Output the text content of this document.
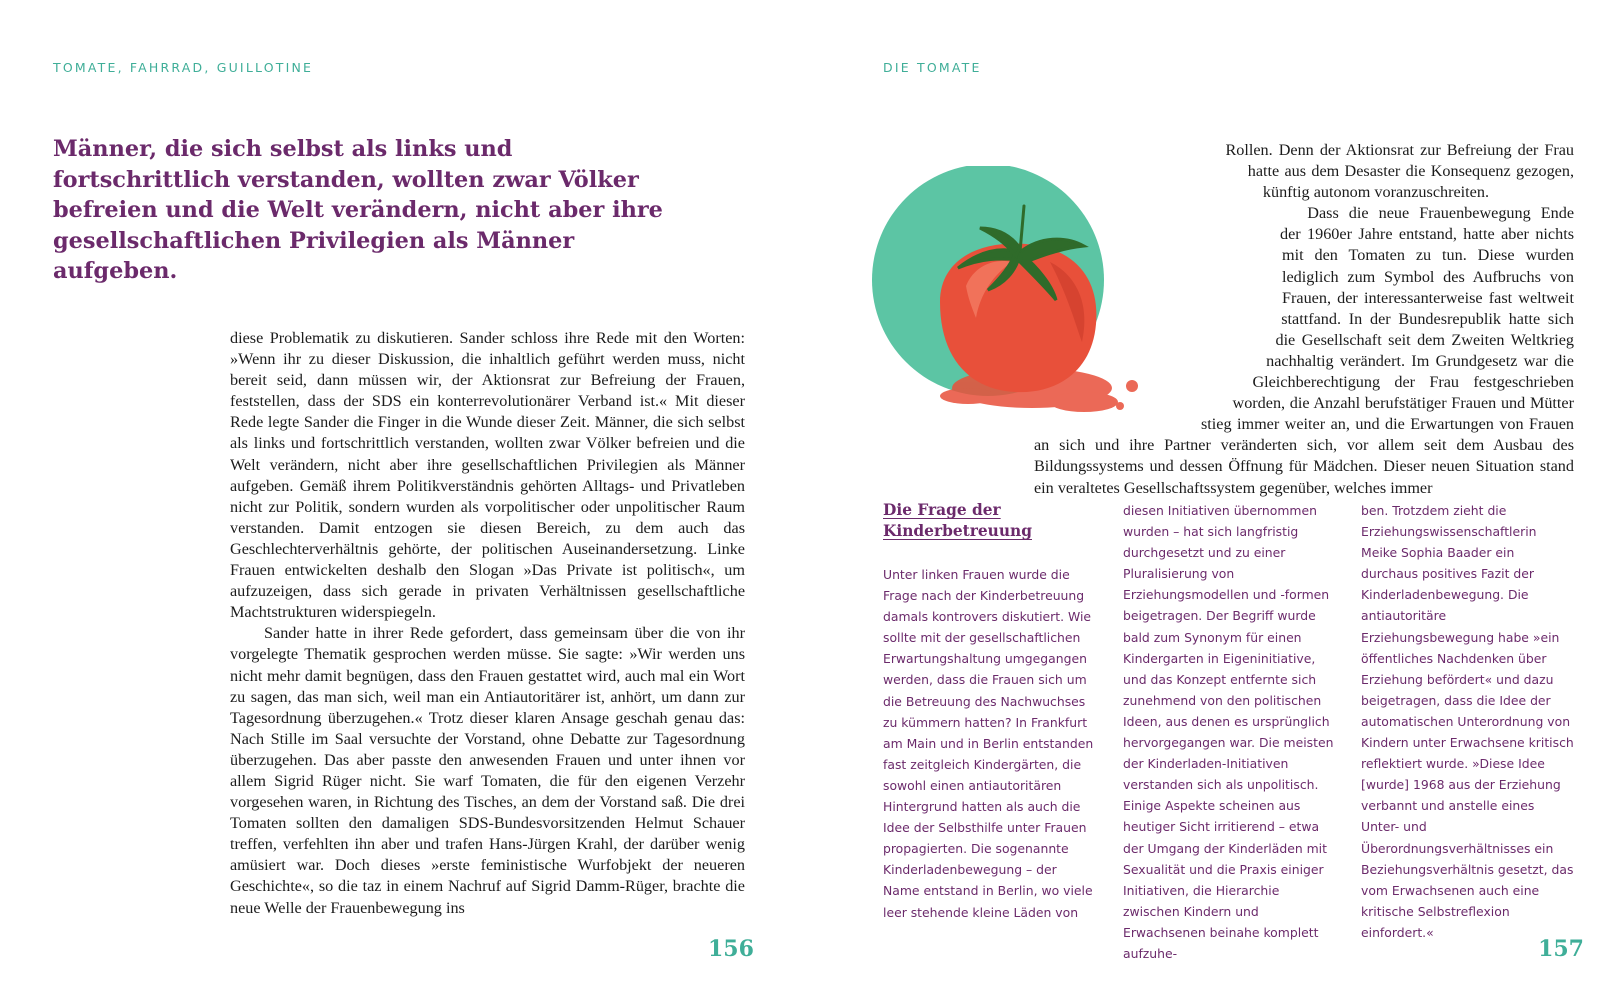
TOMATE, FAHRRAD, GUILLOTINE

Männer, die sich selbst als links und fortschrittlich verstanden, wollten zwar Völker befreien und die Welt verändern, nicht aber ihre gesellschaftlichen Privilegien als Männer aufgeben.

diese Problematik zu diskutieren. Sander schloss ihre Rede mit den Worten: »Wenn ihr zu dieser Diskussion, die inhaltlich geführt werden muss, nicht bereit seid, dann müssen wir, der Aktionsrat zur Befreiung der Frauen, feststellen, dass der SDS ein konterrevolutionärer Verband ist.« Mit dieser Rede legte Sander die Finger in die Wunde dieser Zeit. Männer, die sich selbst als links und fortschrittlich verstanden, wollten zwar Völker befreien und die Welt verändern, nicht aber ihre gesellschaftlichen Privilegien als Männer aufgeben. Gemäß ihrem Politikverständnis gehörten Alltags- und Privatleben nicht zur Politik, sondern wurden als vorpolitischer oder unpolitischer Raum verstanden. Damit entzogen sie diesen Bereich, zu dem auch das Geschlechterverhältnis gehörte, der politischen Auseinandersetzung. Linke Frauen entwickelten deshalb den Slogan »Das Private ist politisch«, um aufzuzeigen, dass sich gerade in privaten Verhältnissen gesellschaftliche Machtstrukturen widerspiegeln.

Sander hatte in ihrer Rede gefordert, dass gemeinsam über die von ihr vorgelegte Thematik gesprochen werden müsse. Sie sagte: »Wir werden uns nicht mehr damit begnügen, dass den Frauen gestattet wird, auch mal ein Wort zu sagen, das man sich, weil man ein Antiautoritärer ist, anhört, um dann zur Tagesordnung überzugehen.« Trotz dieser klaren Ansage geschah genau das: Nach Stille im Saal versuchte der Vorstand, ohne Debatte zur Tagesordnung überzugehen. Das aber passte den anwesenden Frauen und unter ihnen vor allem Sigrid Rüger nicht. Sie warf Tomaten, die für den eigenen Verzehr vorgesehen waren, in Richtung des Tisches, an dem der Vorstand saß. Die drei Tomaten sollten den damaligen SDS-Bundesvorsitzenden Helmut Schauer treffen, verfehlten ihn aber und trafen Hans-Jürgen Krahl, der darüber wenig amüsiert war. Doch dieses »erste feministische Wurfobjekt der neueren Geschichte«, so die taz in einem Nachruf auf Sigrid Damm-Rüger, brachte die neue Welle der Frauenbewegung ins

156
DIE TOMATE
157

Rollen. Denn der Aktionsrat zur Befreiung der Frau hatte aus dem Desaster die Konsequenz gezogen, künftig autonom voranzuschreiten.

Dass die neue Frauenbewegung Ende der 1960er Jahre entstand, hatte aber nichts mit den Tomaten zu tun. Diese wurden lediglich zum Symbol des Aufbruchs von Frauen, der interessanterweise fast weltweit stattfand. In der Bundesrepublik hatte sich die Gesellschaft seit dem Zweiten Weltkrieg nachhaltig verändert. Im Grundgesetz war die Gleichberechtigung der Frau festgeschrieben worden, die Anzahl berufstätiger Frauen und Mütter stieg immer weiter an, und die Erwartungen von Frauen an sich und ihre Partner veränderten sich, vor allem seit dem Ausbau des Bildungssystems und dessen Öffnung für Mädchen. Dieser neuen Situation stand ein veraltetes Gesellschaftssystem gegenüber, welches immer

Die Frage der Kinderbetreuung

Unter linken Frauen wurde die Frage nach der Kinderbetreuung damals kontrovers diskutiert. Wie sollte mit der gesellschaftlichen Erwartungshaltung umgegangen werden, dass die Frauen sich um die Betreuung des Nachwuchses zu kümmern hatten? In Frankfurt am Main und in Berlin entstanden fast zeitgleich Kindergärten, die sowohl einen antiautoritären Hintergrund hatten als auch die Idee der Selbsthilfe unter Frauen propagierten. Die sogenannte Kinderladenbewegung – der Name entstand in Berlin, wo viele leer stehende kleine Läden von

diesen Initiativen übernommen wurden – hat sich langfristig durchgesetzt und zu einer Pluralisierung von Erziehungsmodellen und -formen beigetragen. Der Begriff wurde bald zum Synonym für einen Kindergarten in Eigeninitiative, und das Konzept entfernte sich zunehmend von den politischen Ideen, aus denen es ursprünglich hervorgegangen war. Die meisten der Kinderladen-Initiativen verstanden sich als unpolitisch. Einige Aspekte scheinen aus heutiger Sicht irritierend – etwa der Umgang der Kinderläden mit Sexualität und die Praxis einiger Initiativen, die Hierarchie zwischen Kindern und Erwachsenen beinahe komplett aufzuhe-

ben. Trotzdem zieht die Erziehungswissenschaftlerin Meike Sophia Baader ein durchaus positives Fazit der Kinderladenbewegung. Die antiautoritäre Erziehungsbewegung habe »ein öffentliches Nachdenken über Erziehung befördert« und dazu beigetragen, dass die Idee der automatischen Unterordnung von Kindern unter Erwachsene kritisch reflektiert wurde. »Diese Idee [wurde] 1968 aus der Erziehung verbannt und anstelle eines Unter- und Überordnungsverhältnisses ein Beziehungsverhältnis gesetzt, das vom Erwachsenen auch eine kritische Selbstreflexion einfordert.«
